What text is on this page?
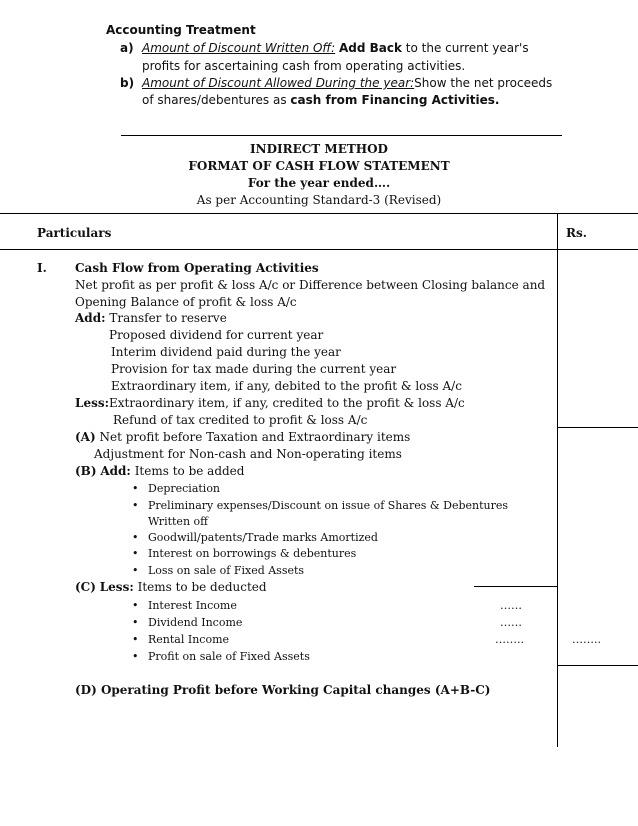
Accounting Treatment
a) Amount of Discount Written Off: Add Back to the current year's
profits for ascertaining cash from operating activities.
b) Amount of Discount Allowed During the year:Show the net proceeds
of shares/debentures as cash from Financing Activities.
INDIRECT METHOD
FORMAT OF CASH FLOW STATEMENT
For the year ended….
As per Accounting Standard-3 (Revised)
Particulars	Rs.
I. Cash Flow from Operating Activities
Net profit as per profit & loss A/c or Difference between Closing balance and
Opening Balance of profit & loss A/c
Add: Transfer to reserve
Proposed dividend for current year
Interim dividend paid during the year
Provision for tax made during the current year
Extraordinary item, if any, debited to the profit & loss A/c
Less:Extraordinary item, if any, credited to the profit & loss A/c
Refund of tax credited to profit & loss A/c
(A) Net profit before Taxation and Extraordinary items
Adjustment for Non-cash and Non-operating items
(B) Add: Items to be added
• Depreciation
• Preliminary expenses/Discount on issue of Shares & Debentures
Written off
• Goodwill/patents/Trade marks Amortized
• Interest on borrowings & debentures
• Loss on sale of Fixed Assets
(C) Less: Items to be deducted
• Interest Income	……
• Dividend Income	……
• Rental Income	……..	……..
• Profit on sale of Fixed Assets
(D) Operating Profit before Working Capital changes (A+B-C)
